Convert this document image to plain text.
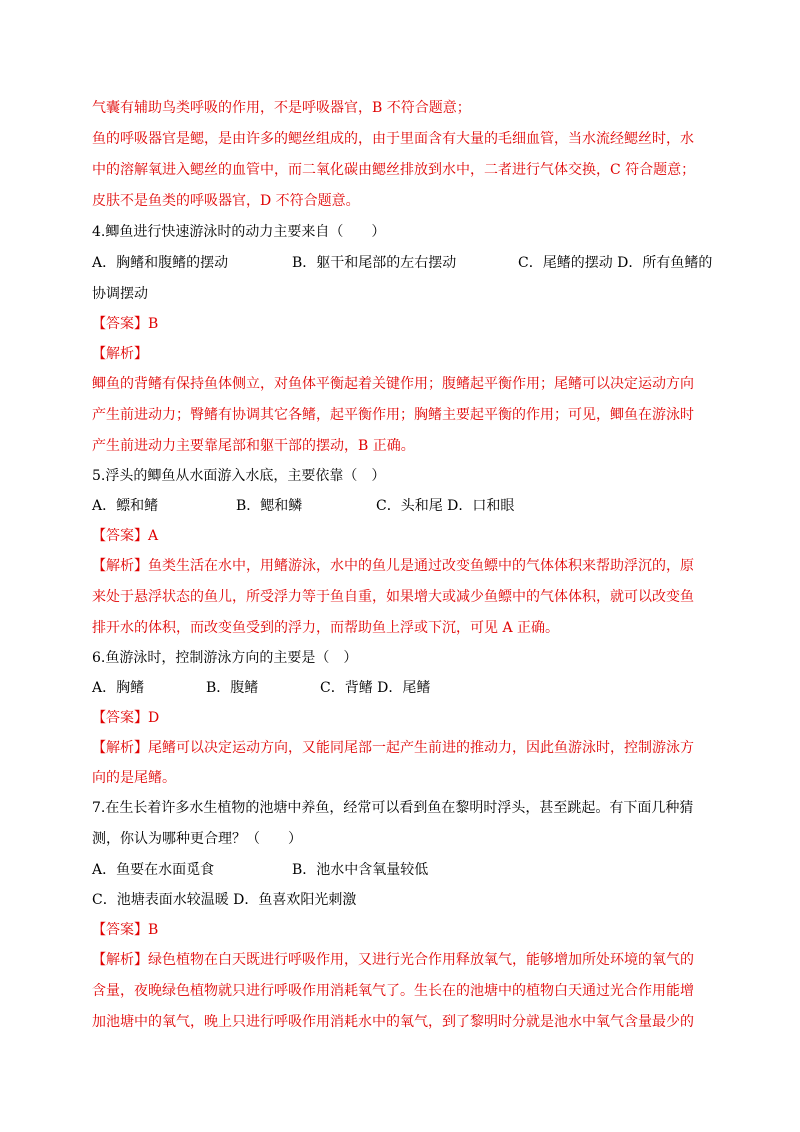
气囊有辅助鸟类呼吸的作用，不是呼吸器官，B 不符合题意；
鱼的呼吸器官是鳃，是由许多的鳃丝组成的，由于里面含有大量的毛细血管，当水流经鳃丝时，水
中的溶解氧进入鳃丝的血管中，而二氧化碳由鳃丝排放到水中，二者进行气体交换，C 符合题意；
皮肤不是鱼类的呼吸器官，D 不符合题意。
4.鲫鱼进行快速游泳时的动力主要来自（　　）
A．胸鳍和腹鳍的摆动	B．躯干和尾部的左右摆动	C．尾鳍的摆动 D．所有鱼鳍的
协调摆动
【答案】B
【解析】
鲫鱼的背鳍有保持鱼体侧立，对鱼体平衡起着关键作用；腹鳍起平衡作用；尾鳍可以决定运动方向
产生前进动力；臀鳍有协调其它各鳍，起平衡作用；胸鳍主要起平衡的作用；可见，鲫鱼在游泳时
产生前进动力主要靠尾部和躯干部的摆动，B 正确。
5.浮头的鲫鱼从水面游入水底，主要依靠（　）
A．鳔和鳍	B．鳃和鳞	C．头和尾 D．口和眼
【答案】A
【解析】鱼类生活在水中，用鳍游泳，水中的鱼儿是通过改变鱼鳔中的气体体积来帮助浮沉的，原
来处于悬浮状态的鱼儿，所受浮力等于鱼自重，如果增大或减少鱼鳔中的气体体积，就可以改变鱼
排开水的体积，而改变鱼受到的浮力，而帮助鱼上浮或下沉，可见 A 正确。
6.鱼游泳时，控制游泳方向的主要是（　）
A．胸鳍	B．腹鳍	C．背鳍 D．尾鳍
【答案】D
【解析】尾鳍可以决定运动方向，又能同尾部一起产生前进的推动力，因此鱼游泳时，控制游泳方
向的是尾鳍。
7.在生长着许多水生植物的池塘中养鱼，经常可以看到鱼在黎明时浮头，甚至跳起。有下面几种猜
测，你认为哪种更合理？（　　）
A．鱼要在水面觅食	B．池水中含氧量较低
C．池塘表面水较温暖 D．鱼喜欢阳光刺激
【答案】B
【解析】绿色植物在白天既进行呼吸作用，又进行光合作用释放氧气，能够增加所处环境的氧气的
含量，夜晚绿色植物就只进行呼吸作用消耗氧气了。生长在的池塘中的植物白天通过光合作用能增
加池塘中的氧气，晚上只进行呼吸作用消耗水中的氧气，到了黎明时分就是池水中氧气含量最少的
